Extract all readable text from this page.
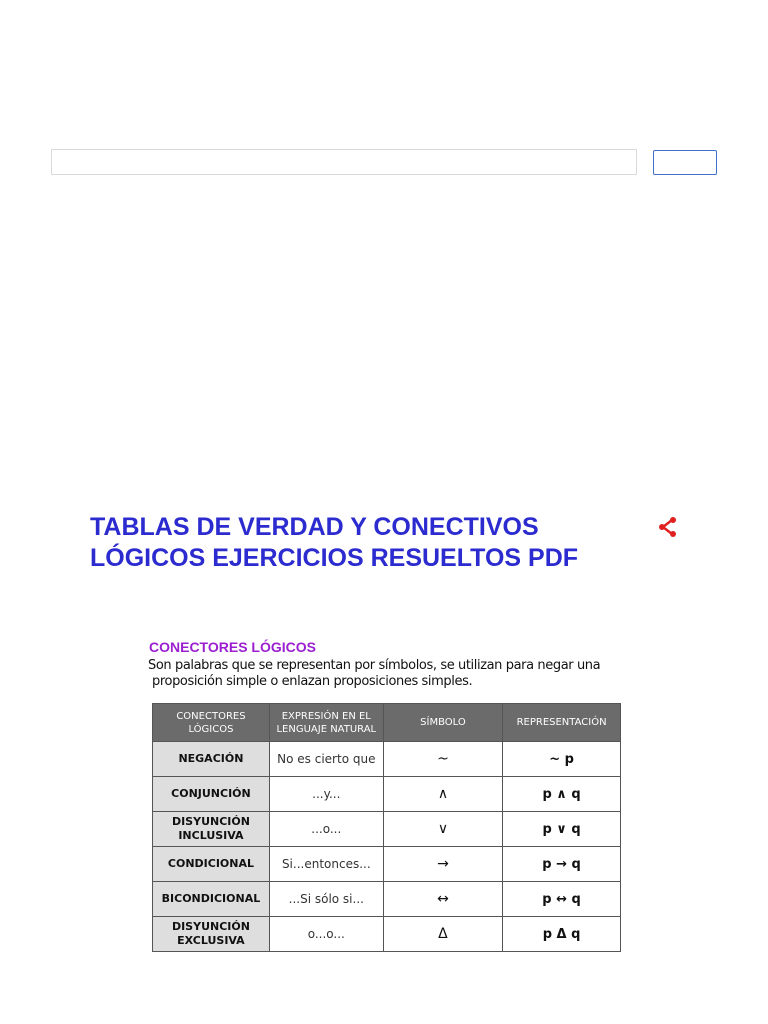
TABLAS DE VERDAD Y CONECTIVOS LÓGICOS EJERCICIOS RESUELTOS PDF
CONECTORES LÓGICOS
Son palabras que se representan por símbolos, se utilizan para negar una
proposición simple o enlazan proposiciones simples.
CONECTORES LÓGICOS	EXPRESIÓN EN EL LENGUAJE NATURAL	SÍMBOLO	REPRESENTACIÓN
NEGACIÓN	No es cierto que	~	~ p
CONJUNCIÓN	...y...	∧	p ∧ q
DISYUNCIÓN INCLUSIVA	...o...	∨	p ∨ q
CONDICIONAL	Si...entonces...	→	p → q
BICONDICIONAL	...Si sólo si...	↔	p ↔ q
DISYUNCIÓN EXCLUSIVA	o...o...	Δ	p Δ q
